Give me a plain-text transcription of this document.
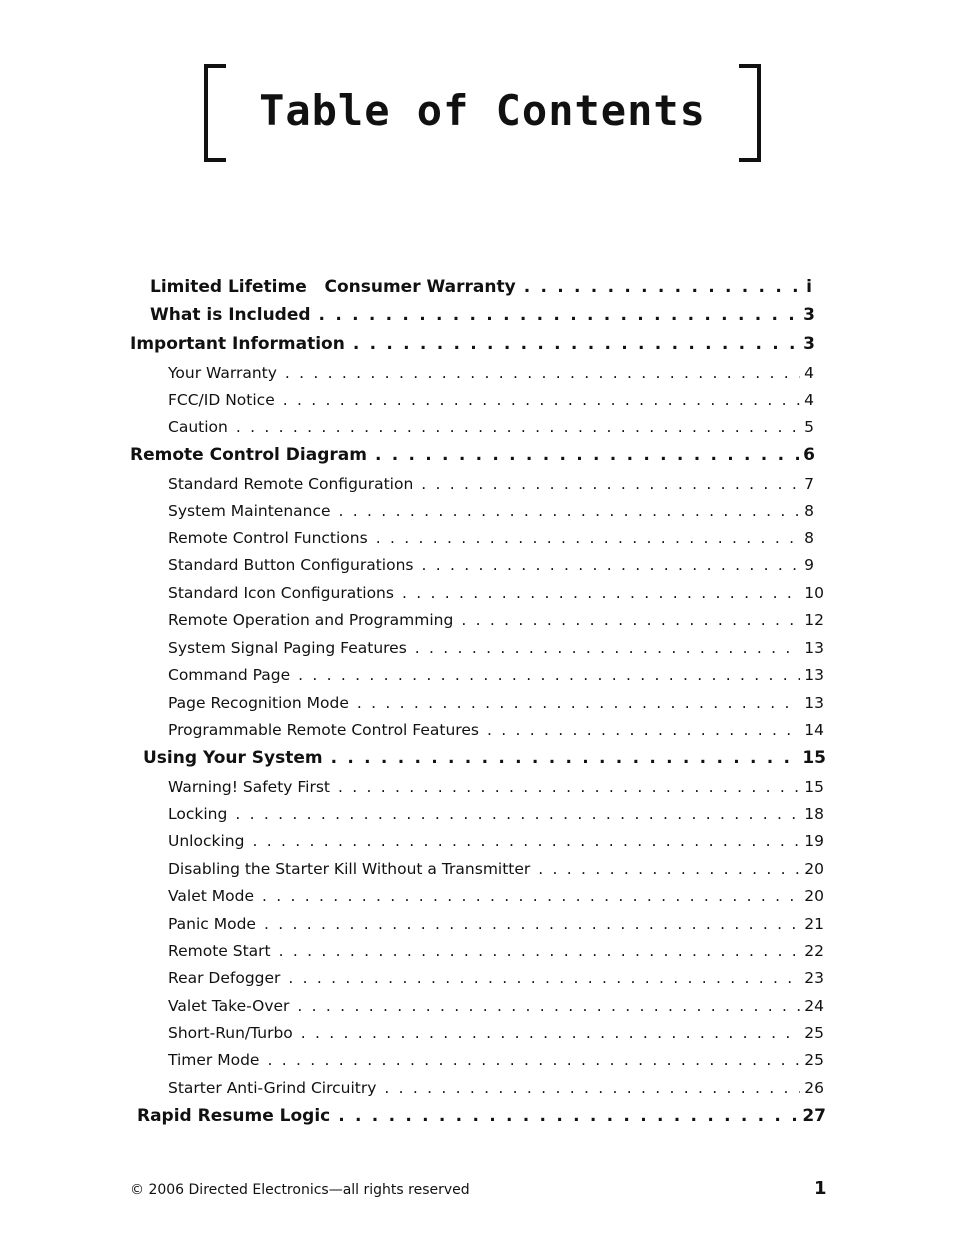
Table of Contents
Limited Lifetime   Consumer Warranty . . .	i
What is Included . . .	3
Important Information . . .	3
Your Warranty . . .	4
FCC/ID Notice . . .	4
Caution . . .	5
Remote Control Diagram . . .	6
Standard Remote Configuration . . .	7
System Maintenance . . .	8
Remote Control Functions . . .	8
Standard Button Configurations . . .	9
Standard Icon Configurations . . .	10
Remote Operation and Programming . . .	12
System Signal Paging Features . . .	13
Command Page . . .	13
Page Recognition Mode . . .	13
Programmable Remote Control Features . . .	14
Using Your System . . .	15
Warning! Safety First . . .	15
Locking . . .	18
Unlocking . . .	19
Disabling the Starter Kill Without a Transmitter . . .	20
Valet Mode . . .	20
Panic Mode . . .	21
Remote Start . . .	22
Rear Defogger . . .	23
Valet Take-Over . . .	24
Short-Run/Turbo . . .	25
Timer Mode . . .	25
Starter Anti-Grind Circuitry . . .	26
Rapid Resume Logic . . .	27
© 2006 Directed Electronics—all rights reserved	1
